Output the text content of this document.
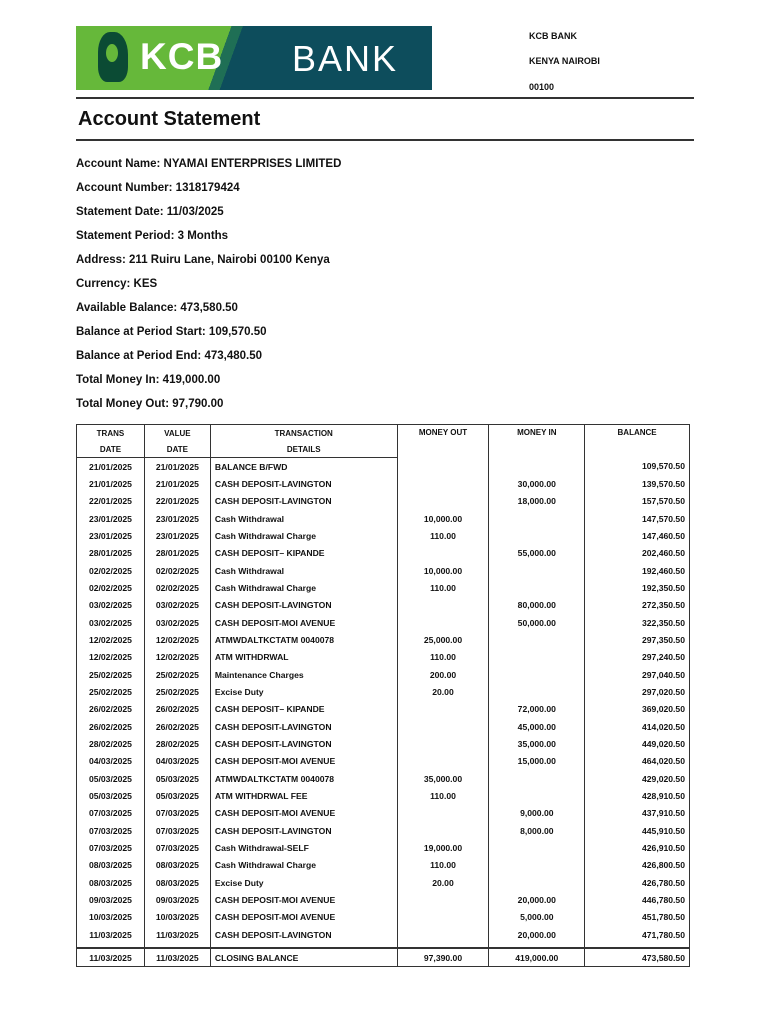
KCB BANK
KCB BANK
KENYA NAIROBI
00100
Account Statement
Account Name: NYAMAI ENTERPRISES LIMITED
Account Number: 1318179424
Statement Date: 11/03/2025
Statement Period: 3 Months
Address: 211 Ruiru Lane, Nairobi 00100 Kenya
Currency: KES
Available Balance: 473,580.50
Balance at Period Start: 109,570.50
Balance at Period End: 473,480.50
Total Money In: 419,000.00
Total Money Out: 97,790.00
TRANS	VALUE	TRANSACTION	MONEY OUT	MONEY IN	BALANCE
DATE	DATE	DETAILS			
21/01/2025	21/01/2025	BALANCE B/FWD			109,570.50
21/01/2025	21/01/2025	CASH DEPOSIT-LAVINGTON		30,000.00	139,570.50
22/01/2025	22/01/2025	CASH DEPOSIT-LAVINGTON		18,000.00	157,570.50
23/01/2025	23/01/2025	Cash Withdrawal	10,000.00		147,570.50
23/01/2025	23/01/2025	Cash Withdrawal Charge	110.00		147,460.50
28/01/2025	28/01/2025	CASH DEPOSIT– KIPANDE		55,000.00	202,460.50
02/02/2025	02/02/2025	Cash Withdrawal	10,000.00		192,460.50
02/02/2025	02/02/2025	Cash Withdrawal Charge	110.00		192,350.50
03/02/2025	03/02/2025	CASH DEPOSIT-LAVINGTON		80,000.00	272,350.50
03/02/2025	03/02/2025	CASH DEPOSIT-MOI AVENUE		50,000.00	322,350.50
12/02/2025	12/02/2025	ATMWDALTKCTATM 0040078	25,000.00		297,350.50
12/02/2025	12/02/2025	ATM WITHDRWAL	110.00		297,240.50
25/02/2025	25/02/2025	Maintenance Charges	200.00		297,040.50
25/02/2025	25/02/2025	Excise Duty	20.00		297,020.50
26/02/2025	26/02/2025	CASH DEPOSIT– KIPANDE		72,000.00	369,020.50
26/02/2025	26/02/2025	CASH DEPOSIT-LAVINGTON		45,000.00	414,020.50
28/02/2025	28/02/2025	CASH DEPOSIT-LAVINGTON		35,000.00	449,020.50
04/03/2025	04/03/2025	CASH DEPOSIT-MOI AVENUE		15,000.00	464,020.50
05/03/2025	05/03/2025	ATMWDALTKCTATM 0040078	35,000.00		429,020.50
05/03/2025	05/03/2025	ATM WITHDRWAL FEE	110.00		428,910.50
07/03/2025	07/03/2025	CASH DEPOSIT-MOI AVENUE		9,000.00	437,910.50
07/03/2025	07/03/2025	CASH DEPOSIT-LAVINGTON		8,000.00	445,910.50
07/03/2025	07/03/2025	Cash Withdrawal-SELF	19,000.00		426,910.50
08/03/2025	08/03/2025	Cash Withdrawal Charge	110.00		426,800.50
08/03/2025	08/03/2025	Excise Duty	20.00		426,780.50
09/03/2025	09/03/2025	CASH DEPOSIT-MOI AVENUE		20,000.00	446,780.50
10/03/2025	10/03/2025	CASH DEPOSIT-MOI AVENUE		5,000.00	451,780.50
11/03/2025	11/03/2025	CASH DEPOSIT-LAVINGTON		20,000.00	471,780.50
11/03/2025	11/03/2025	CLOSING BALANCE	97,390.00	419,000.00	473,580.50
